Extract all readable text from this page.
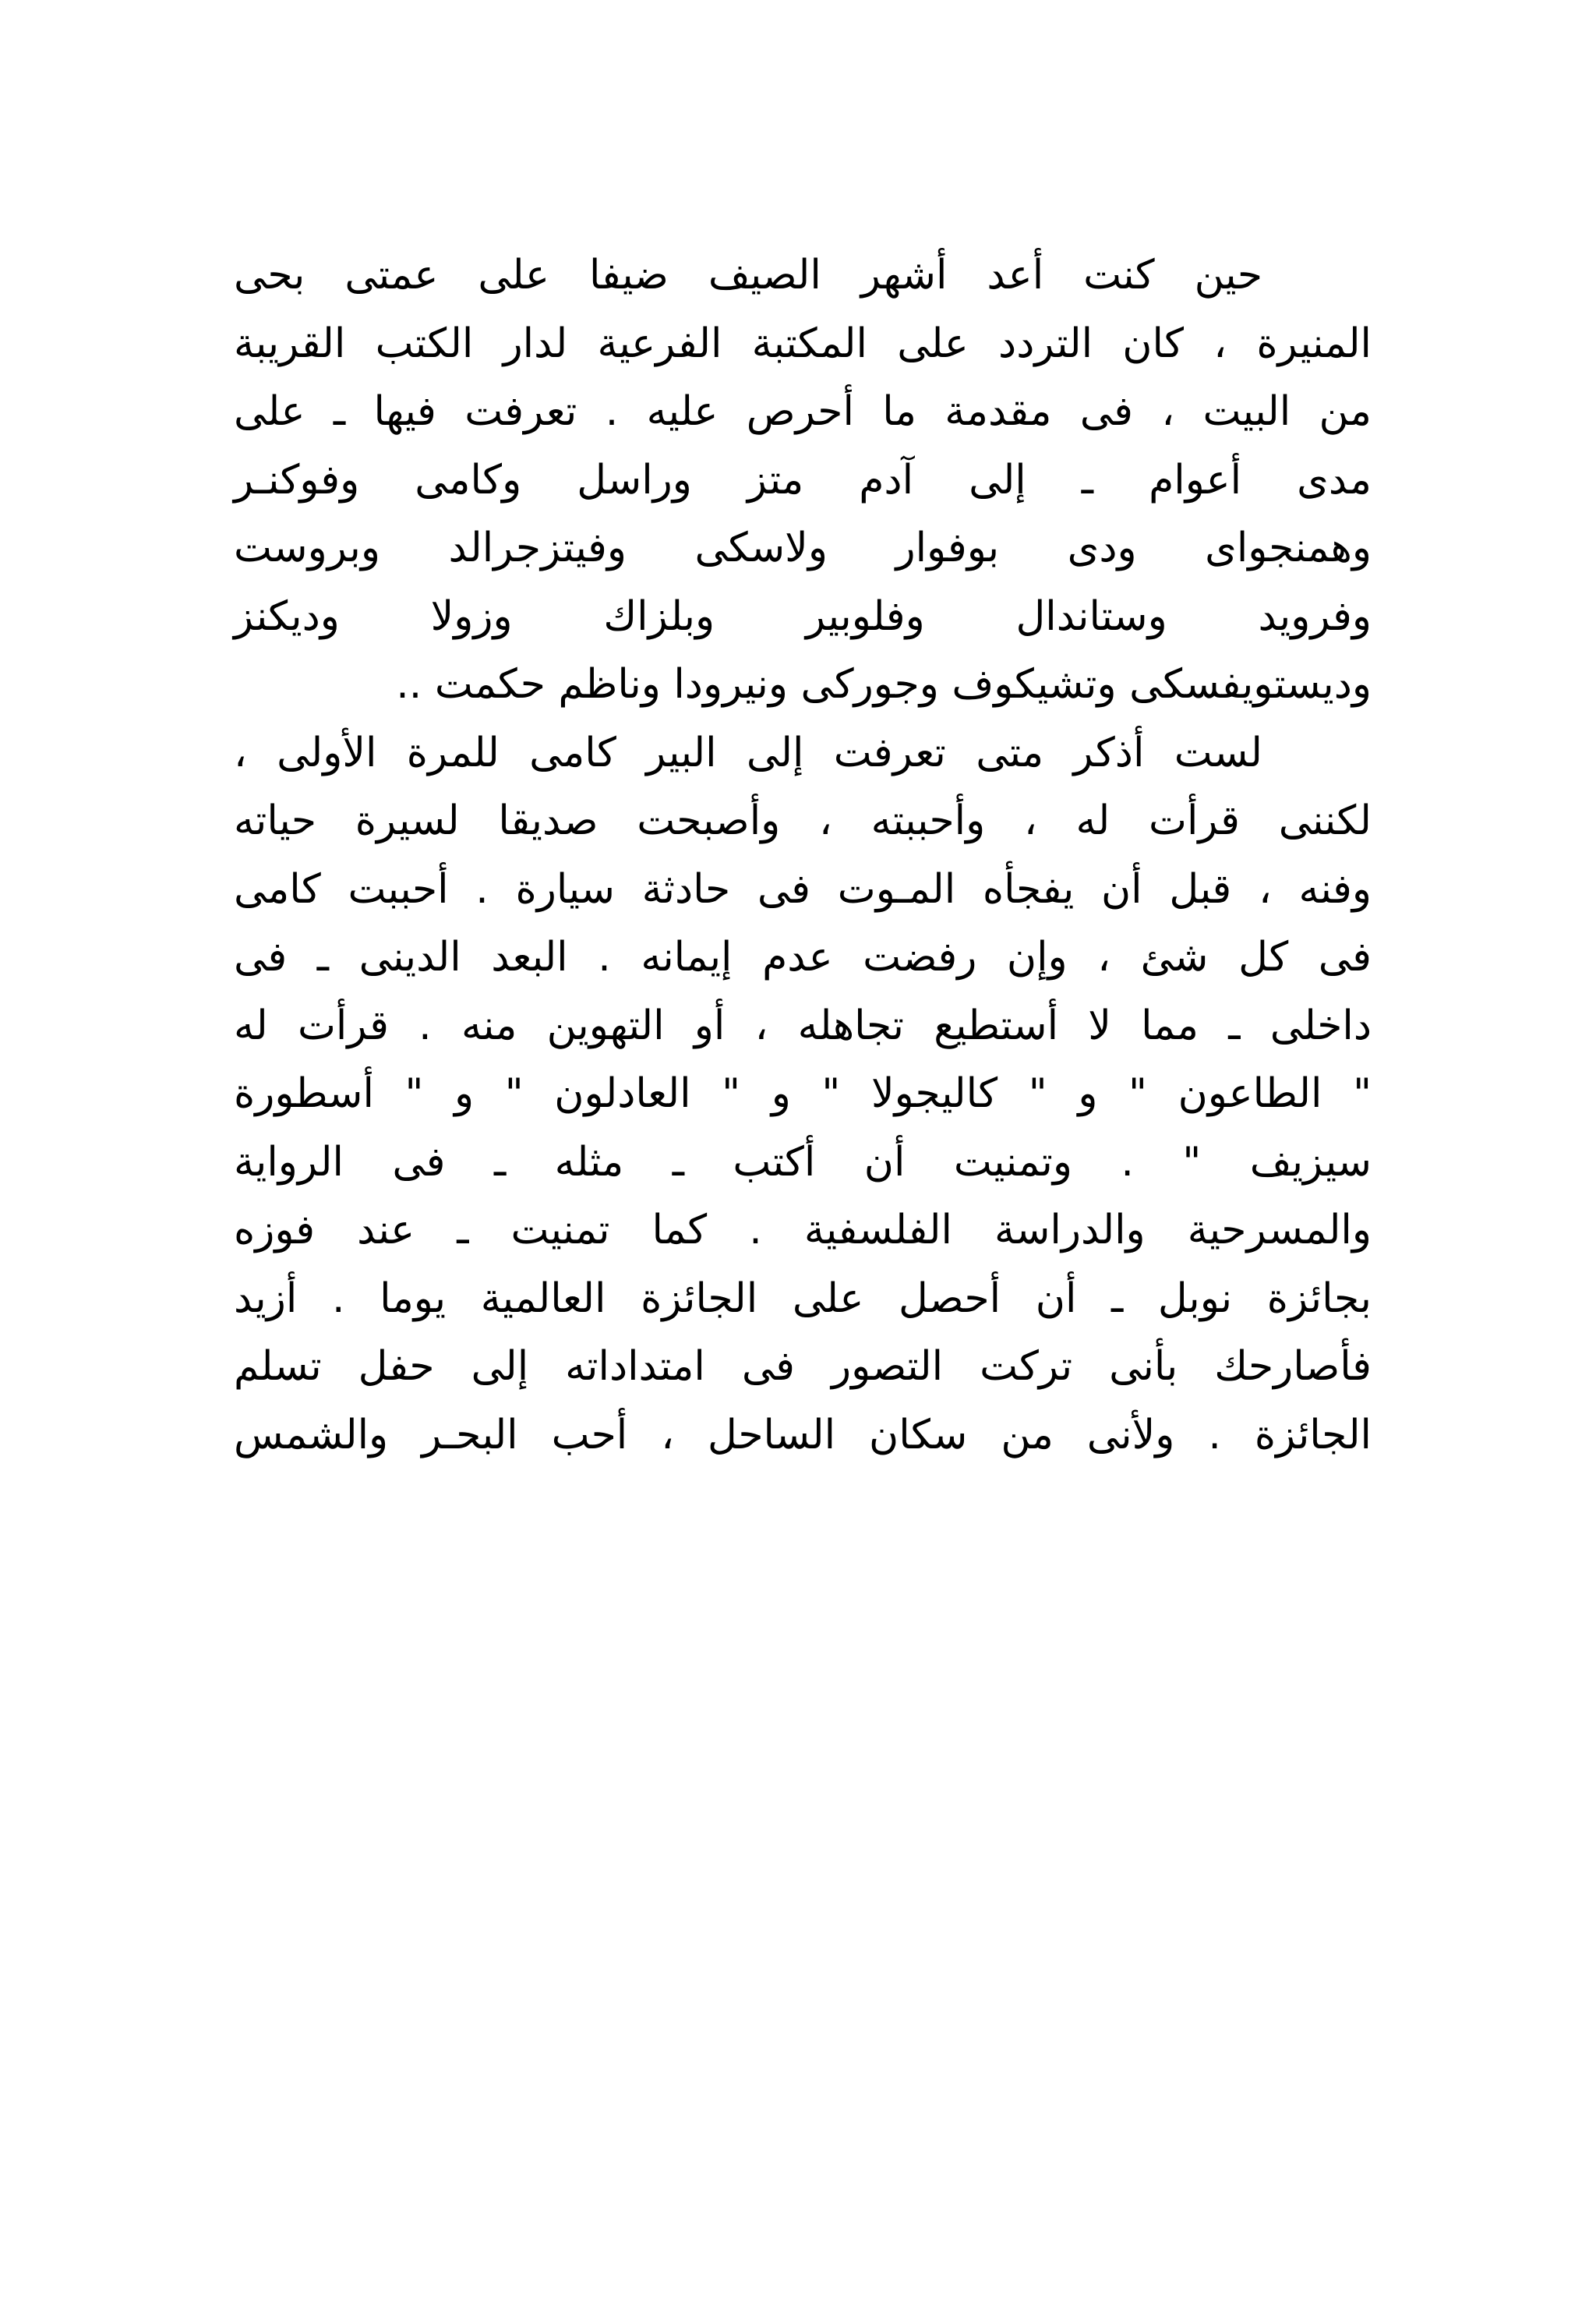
حين كنت أعد أشهر الصيف ضيفا على عمتى بحى
المنيرة ، كان التردد على المكتبة الفرعية لدار الكتب القريبة
من البيت ، فى مقدمة ما أحرص عليه . تعرفت فيها ـ على
مدى أعوام ـ إلى آدم متز وراسل وكامى وفوكنـر
وهمنجواى ودى بوفوار ولاسكى وفيتزجرالد وبروست
وفرويد وستاندال وفلوبير وبلزاك وزولا وديكنز
وديستويفسكى وتشيكوف وجوركى ونيرودا وناظم حكمت ..
لست أذكر متى تعرفت إلى البير كامى للمرة الأولى ،
لكننى قرأت له ، وأحببته ، وأصبحت صديقا لسيرة حياته
وفنه ، قبل أن يفجأه المـوت فى حادثة سيارة . أحببت كامى
فى كل شئ ، وإن رفضت عدم إيمانه . البعد الدينى ـ فى
داخلى ـ مما لا أستطيع تجاهله ، أو التهوين منه . قرأت له
" الطاعون " و " كاليجولا " و " العادلون " و " أسطورة
سيزيف " . وتمنيت أن أكتب ـ مثله ـ فى الرواية
والمسرحية والدراسة الفلسفية . كما تمنيت ـ عند فوزه
بجائزة نوبل ـ أن أحصل على الجائزة العالمية يوما . أزيد
فأصارحك بأنى تركت التصور فى امتداداته إلى حفل تسلم
الجائزة . ولأنى من سكان الساحل ، أحب البحـر والشمس
